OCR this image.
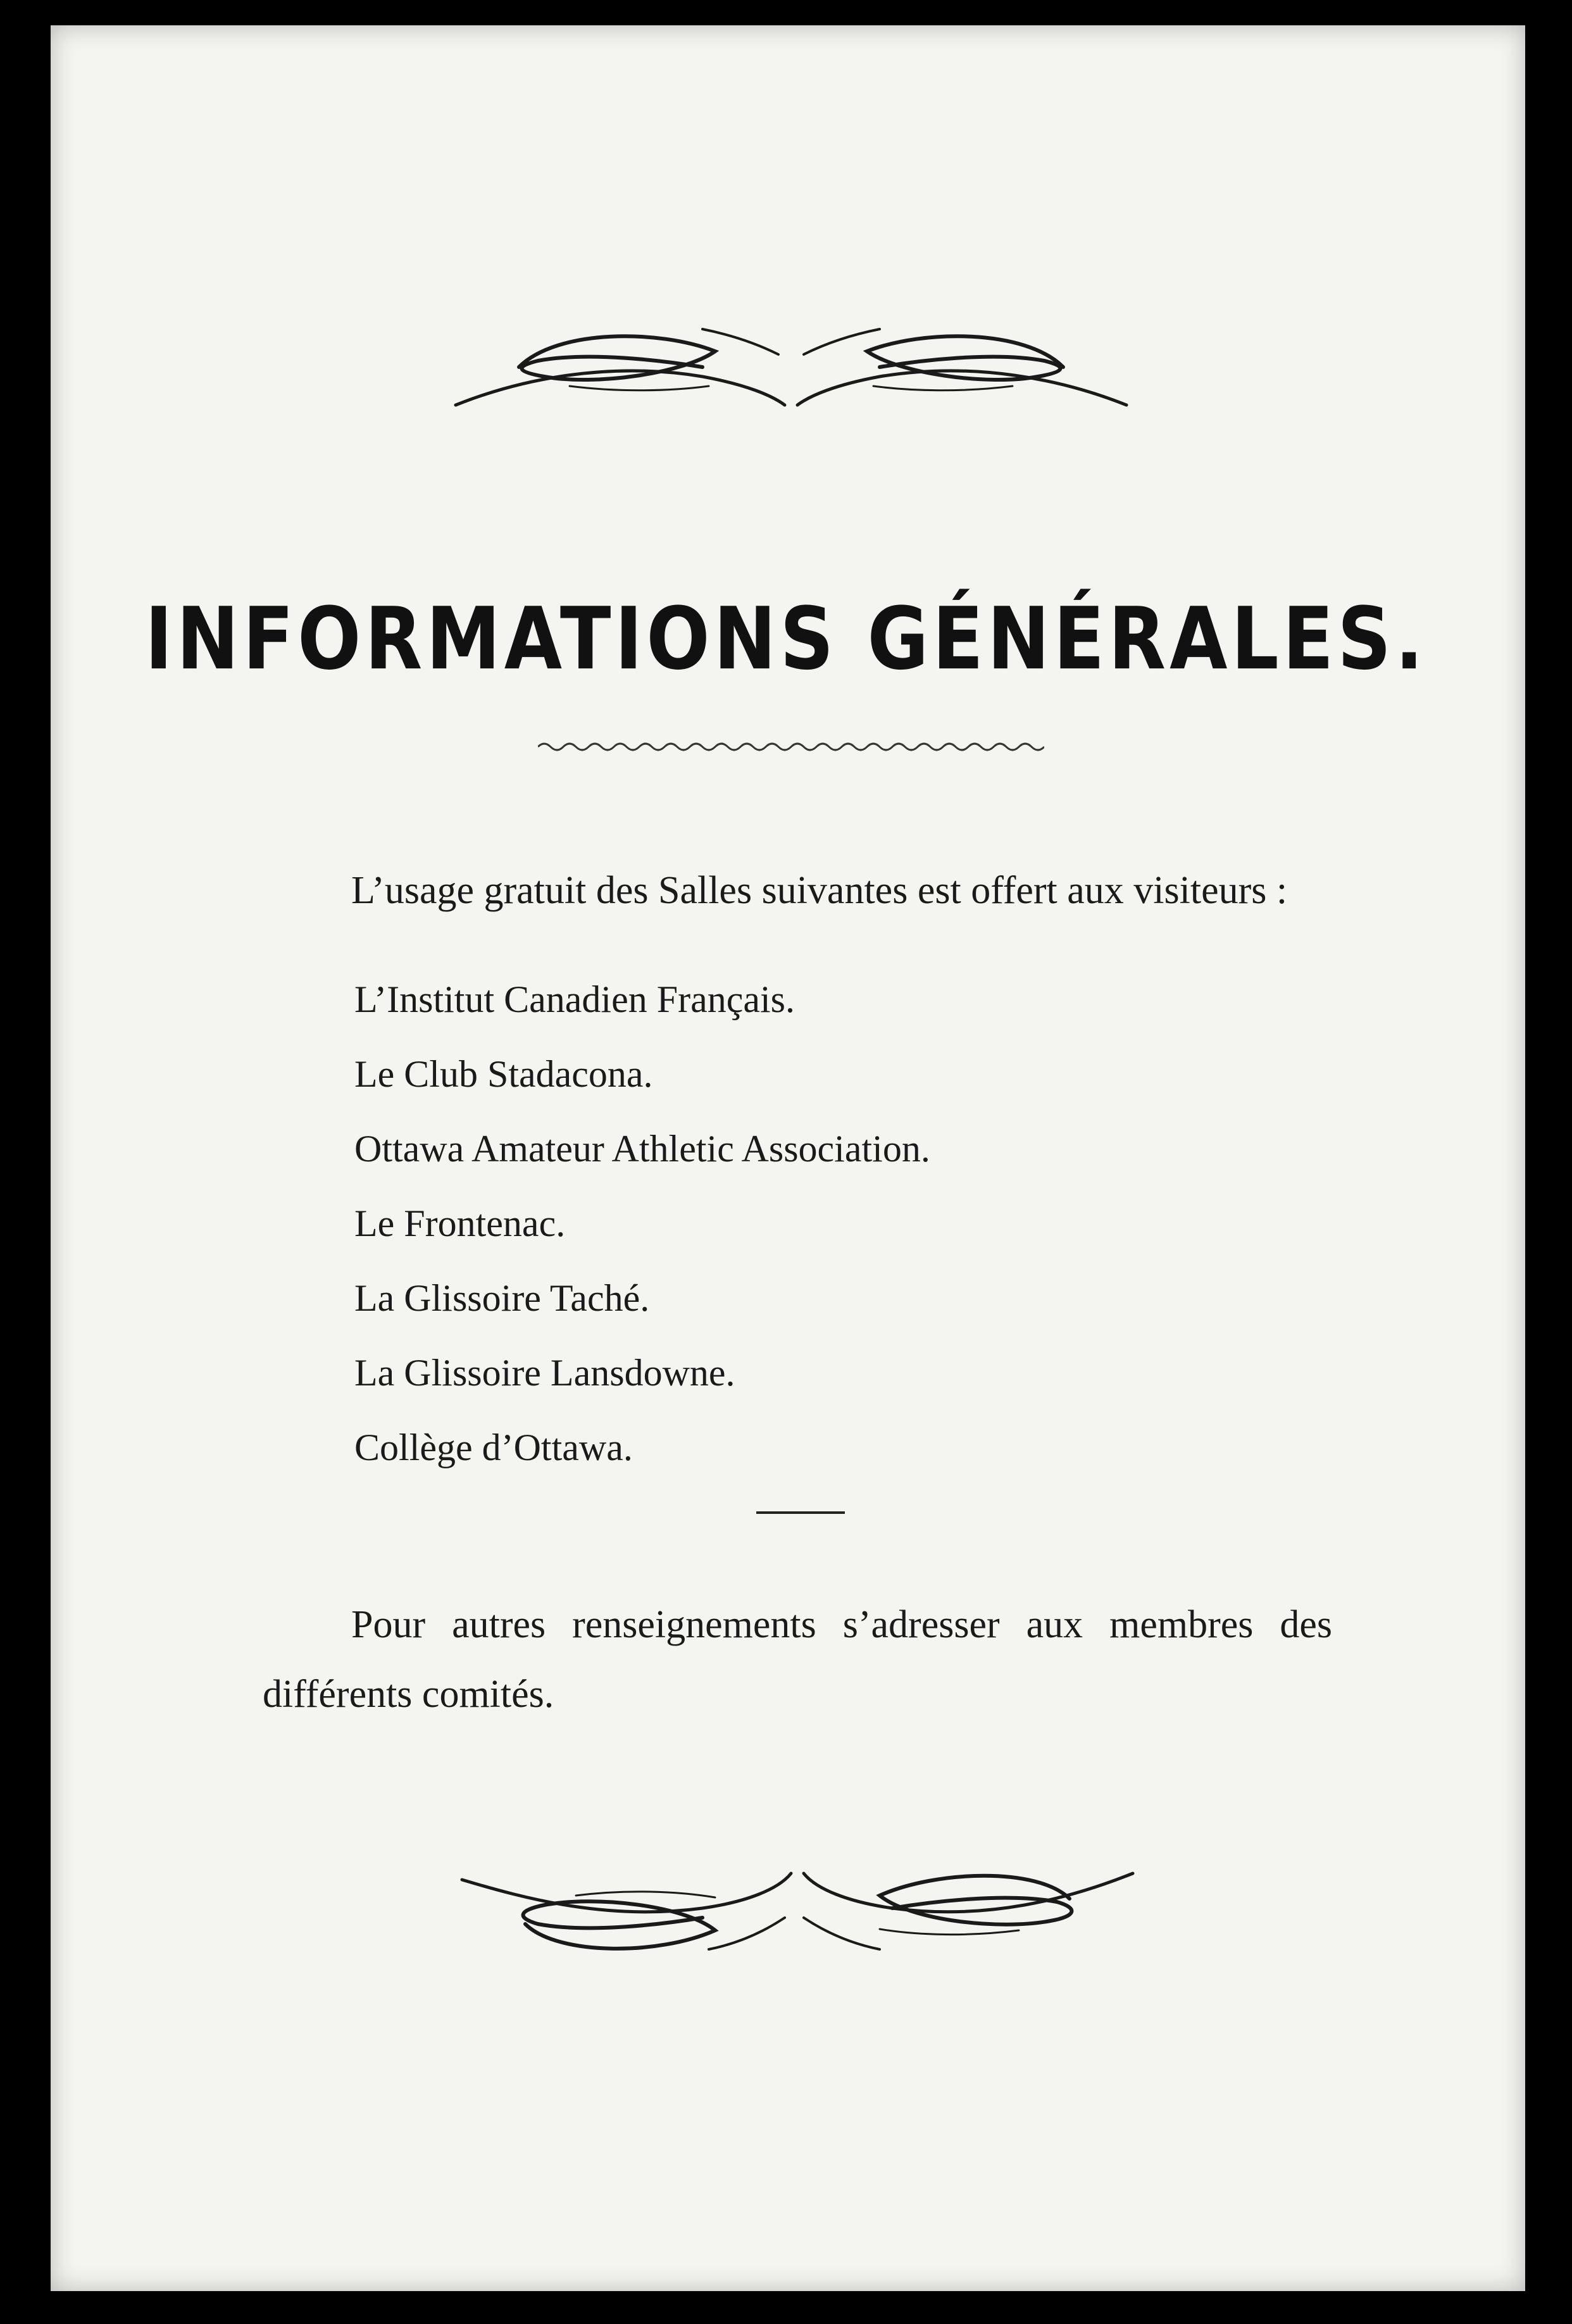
INFORMATIONS GÉNÉRALES.

L’usage gratuit des Salles suivantes est offert aux visiteurs :

L’Institut Canadien Français.
Le Club Stadacona.
Ottawa Amateur Athletic Association.
Le Frontenac.
La Glissoire Taché.
La Glissoire Lansdowne.
Collège d’Ottawa.

Pour autres renseignements s’adresser aux membres des différents comités.
